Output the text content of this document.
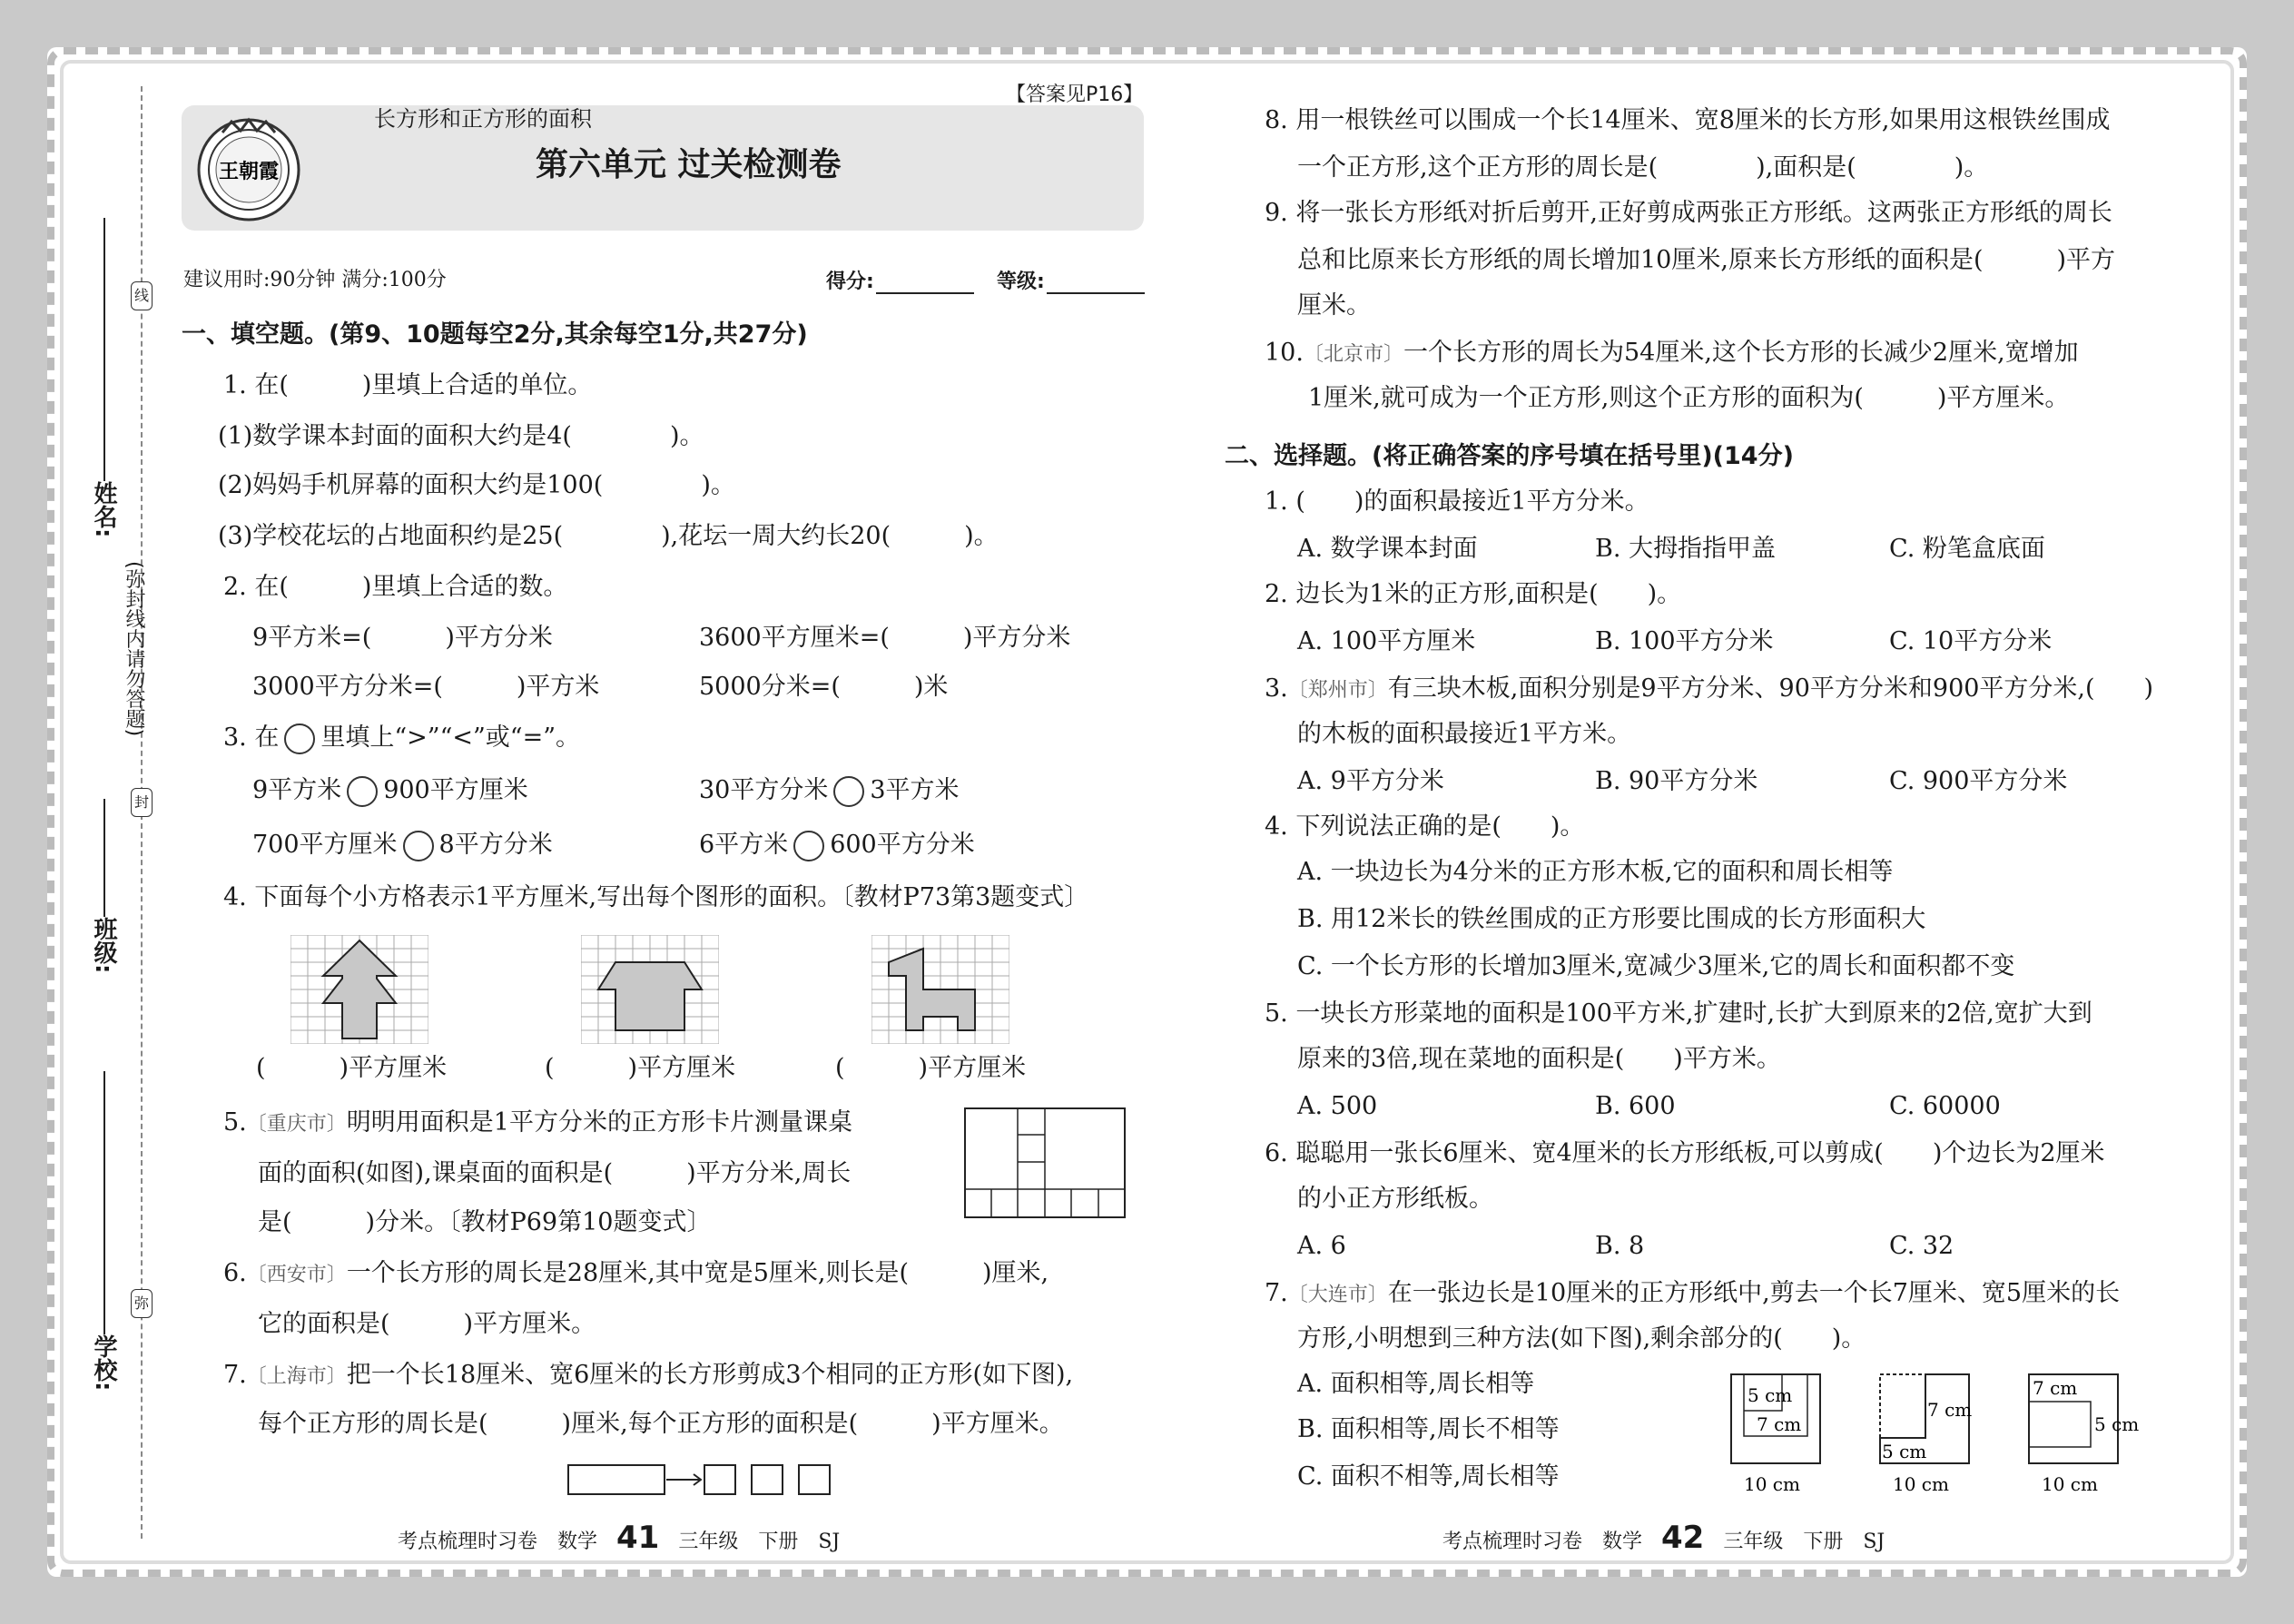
线
姓名:
(弥封线内请勿答题)
封
班级:
弥
学校:
王朝霞
长方形和正方形的面积
第六单元 过关检测卷
【答案见P16】
建议用时:90分钟 满分:100分	得分:	等级:
一、填空题。(第9、10题每空2分,其余每空1分,共27分)
1. 在(　　　)里填上合适的单位。
(1)数学课本封面的面积大约是4(　　　　)。
(2)妈妈手机屏幕的面积大约是100(　　　　)。
(3)学校花坛的占地面积约是25(　　　　),花坛一周大约长20(　　　)。
2. 在(　　　)里填上合适的数。
9平方米=(　　　)平方分米	3600平方厘米=(　　　)平方分米
3000平方分米=(　　　)平方米	5000分米=(　　　)米
3. 在 里填上“>”“<”或“=”。
9平方米 900平方厘米	30平方分米 3平方米
700平方厘米 8平方分米	6平方米 600平方分米
4. 下面每个小方格表示1平方厘米,写出每个图形的面积。〔教材P73第3题变式〕
(　　　)平方厘米	(　　　)平方厘米	(　　　)平方厘米
5.〔重庆市〕明明用面积是1平方分米的正方形卡片测量课桌
面的面积(如图),课桌面的面积是(　　　)平方分米,周长
是(　　　)分米。〔教材P69第10题变式〕
6.〔西安市〕一个长方形的周长是28厘米,其中宽是5厘米,则长是(　　　)厘米,
它的面积是(　　　)平方厘米。
7.〔上海市〕把一个长18厘米、宽6厘米的长方形剪成3个相同的正方形(如下图),
每个正方形的周长是(　　　)厘米,每个正方形的面积是(　　　)平方厘米。
考点梳理时习卷　数学 41 三年级　下册　SJ
8. 用一根铁丝可以围成一个长14厘米、宽8厘米的长方形,如果用这根铁丝围成
一个正方形,这个正方形的周长是(　　　　),面积是(　　　　)。
9. 将一张长方形纸对折后剪开,正好剪成两张正方形纸。这两张正方形纸的周长
总和比原来长方形纸的周长增加10厘米,原来长方形纸的面积是(　　　)平方
厘米。
10.〔北京市〕一个长方形的周长为54厘米,这个长方形的长减少2厘米,宽增加
1厘米,就可成为一个正方形,则这个正方形的面积为(　　　)平方厘米。
二、选择题。(将正确答案的序号填在括号里)(14分)
1. (　　)的面积最接近1平方分米。
A. 数学课本封面	B. 大拇指指甲盖	C. 粉笔盒底面
2. 边长为1米的正方形,面积是(　　)。
A. 100平方厘米	B. 100平方分米	C. 10平方分米
3.〔郑州市〕有三块木板,面积分别是9平方分米、90平方分米和900平方分米,(　　)
的木板的面积最接近1平方米。
A. 9平方分米	B. 90平方分米	C. 900平方分米
4. 下列说法正确的是(　　)。
A. 一块边长为4分米的正方形木板,它的面积和周长相等
B. 用12米长的铁丝围成的正方形要比围成的长方形面积大
C. 一个长方形的长增加3厘米,宽减少3厘米,它的周长和面积都不变
5. 一块长方形菜地的面积是100平方米,扩建时,长扩大到原来的2倍,宽扩大到
原来的3倍,现在菜地的面积是(　　)平方米。
A. 500	B. 600	C. 60000
6. 聪聪用一张长6厘米、宽4厘米的长方形纸板,可以剪成(　　)个边长为2厘米
的小正方形纸板。
A. 6	B. 8	C. 32
7.〔大连市〕在一张边长是10厘米的正方形纸中,剪去一个长7厘米、宽5厘米的长
方形,小明想到三种方法(如下图),剩余部分的(　　)。
A. 面积相等,周长相等
B. 面积相等,周长不相等
C. 面积不相等,周长相等
5 cm
7 cm
10 cm
7 cm
5 cm
10 cm
7 cm
5 cm
10 cm
考点梳理时习卷　数学 42 三年级　下册　SJ
